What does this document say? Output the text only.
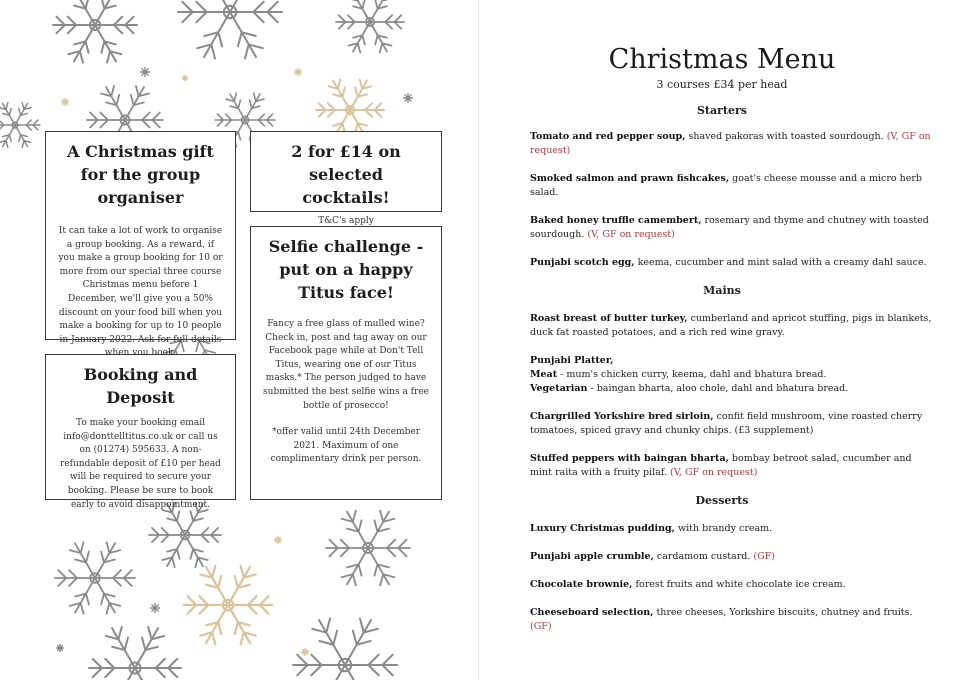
A Christmas gift for the group organiser

It can take a lot of work to organise a group booking. As a reward, if you make a group booking for 10 or more from our special three course Christmas menu before 1 December, we'll give you a 50% discount on your food bill when you make a booking for up to 10 people in January 2022. Ask for full details

2 for £14 on selected cocktails!

T&C's apply

Selfie challenge - put on a happy Titus face!

Fancy a free glass of mulled wine? Check in, post and tag away on our Facebook page while at Don't Tell Titus, wearing one of our Titus masks.* The person judged to have submitted the best selfie wins a free bottle of prosecco!

*offer valid until 24th December 2021. Maximum of one complimentary drink per person.

Booking and Deposit

To make your booking email info@donttelltitus.co.uk or call us on (01274) 595633. A non-refundable deposit of £10 per head will be required to secure your booking. Please be sure to book early to avoid disappointment.

Christmas Menu
3 courses £34 per head
Starters
Tomato and red pepper soup, shaved pakoras with toasted sourdough. (V, GF on request)
Smoked salmon and prawn fishcakes, goat's cheese mousse and a micro herb salad.
Baked honey truffle camembert, rosemary and thyme and chutney with toasted sourdough. (V, GF on request)
Punjabi scotch egg, keema, cucumber and mint salad with a creamy dahl sauce.
Mains
Roast breast of butter turkey, cumberland and apricot stuffing, pigs in blankets, duck fat roasted potatoes, and a rich red wine gravy.
Punjabi Platter,
Meat - mum's chicken curry, keema, dahl and bhatura bread.
Vegetarian - baingan bharta, aloo chole, dahl and bhatura bread.
Chargrilled Yorkshire bred sirloin, confit field mushroom, vine roasted cherry tomatoes, spiced gravy and chunky chips. (£3 supplement)
Stuffed peppers with baingan bharta, bombay betroot salad, cucumber and mint raita with a fruity pilaf. (V, GF on request)
Desserts
Luxury Christmas pudding, with brandy cream.
Punjabi apple crumble, cardamom custard. (GF)
Chocolate brownie, forest fruits and white chocolate ice cream.
Cheeseboard selection, three cheeses, Yorkshire biscuits, chutney and fruits. (GF)
